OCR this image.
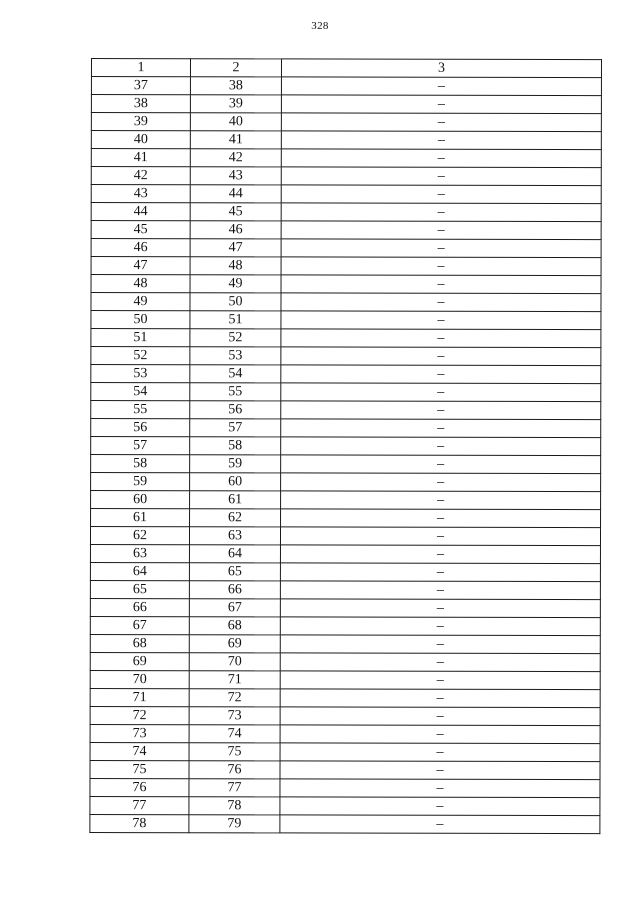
328
1	2	3
37	38	–
38	39	–
39	40	–
40	41	–
41	42	–
42	43	–
43	44	–
44	45	–
45	46	–
46	47	–
47	48	–
48	49	–
49	50	–
50	51	–
51	52	–
52	53	–
53	54	–
54	55	–
55	56	–
56	57	–
57	58	–
58	59	–
59	60	–
60	61	–
61	62	–
62	63	–
63	64	–
64	65	–
65	66	–
66	67	–
67	68	–
68	69	–
69	70	–
70	71	–
71	72	–
72	73	–
73	74	–
74	75	–
75	76	–
76	77	–
77	78	–
78	79	–
